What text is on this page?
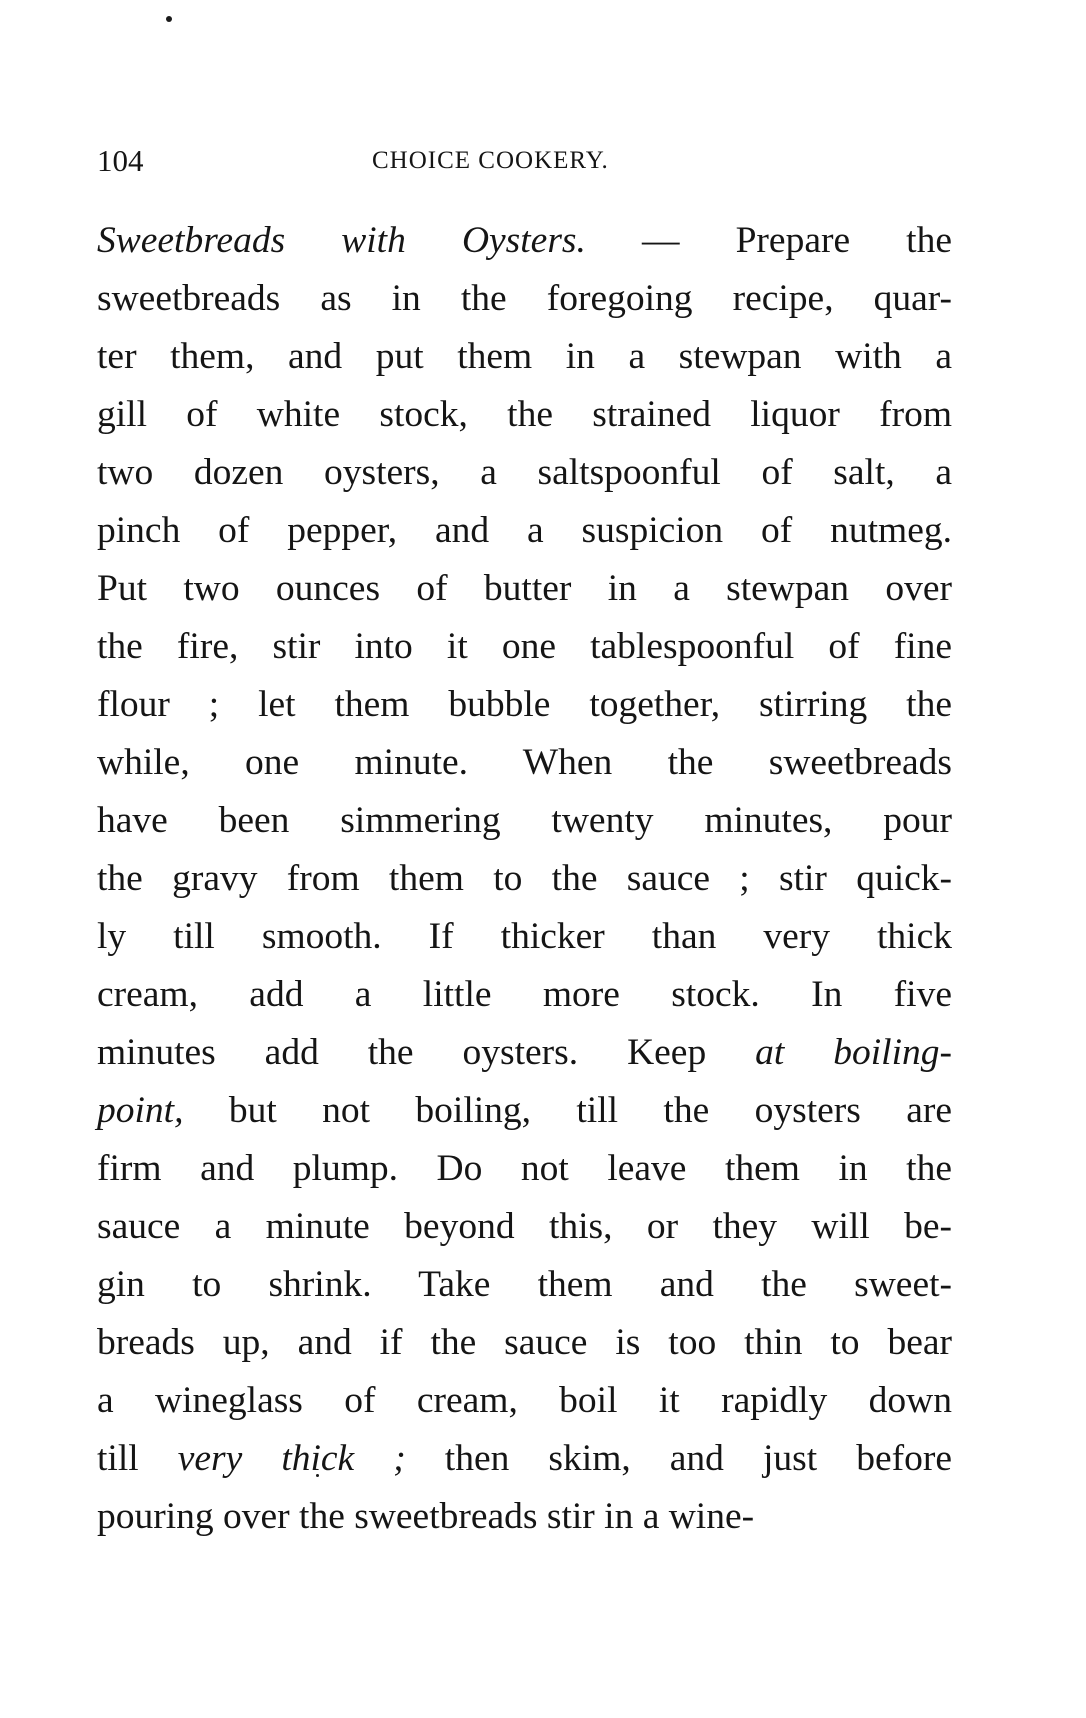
104	CHOICE COOKERY.
Sweetbreads with Oysters. — Prepare the
sweetbreads as in the foregoing recipe, quar-
ter them, and put them in a stewpan with a
gill of white stock, the strained liquor from
two dozen oysters, a saltspoonful of salt, a
pinch of pepper, and a suspicion of nutmeg.
Put two ounces of butter in a stewpan over
the fire, stir into it one tablespoonful of fine
flour ; let them bubble together, stirring the
while, one minute. When the sweetbreads
have been simmering twenty minutes, pour
the gravy from them to the sauce ; stir quick-
ly till smooth. If thicker than very thick
cream, add a little more stock. In five
minutes add the oysters. Keep at boiling-
point, but not boiling, till the oysters are
firm and plump. Do not leave them in the
sauce a minute beyond this, or they will be-
gin to shrink. Take them and the sweet-
breads up, and if the sauce is too thin to bear
a wineglass of cream, boil it rapidly down
till very thick ; then skim, and just before
pouring over the sweetbreads stir in a wine-
